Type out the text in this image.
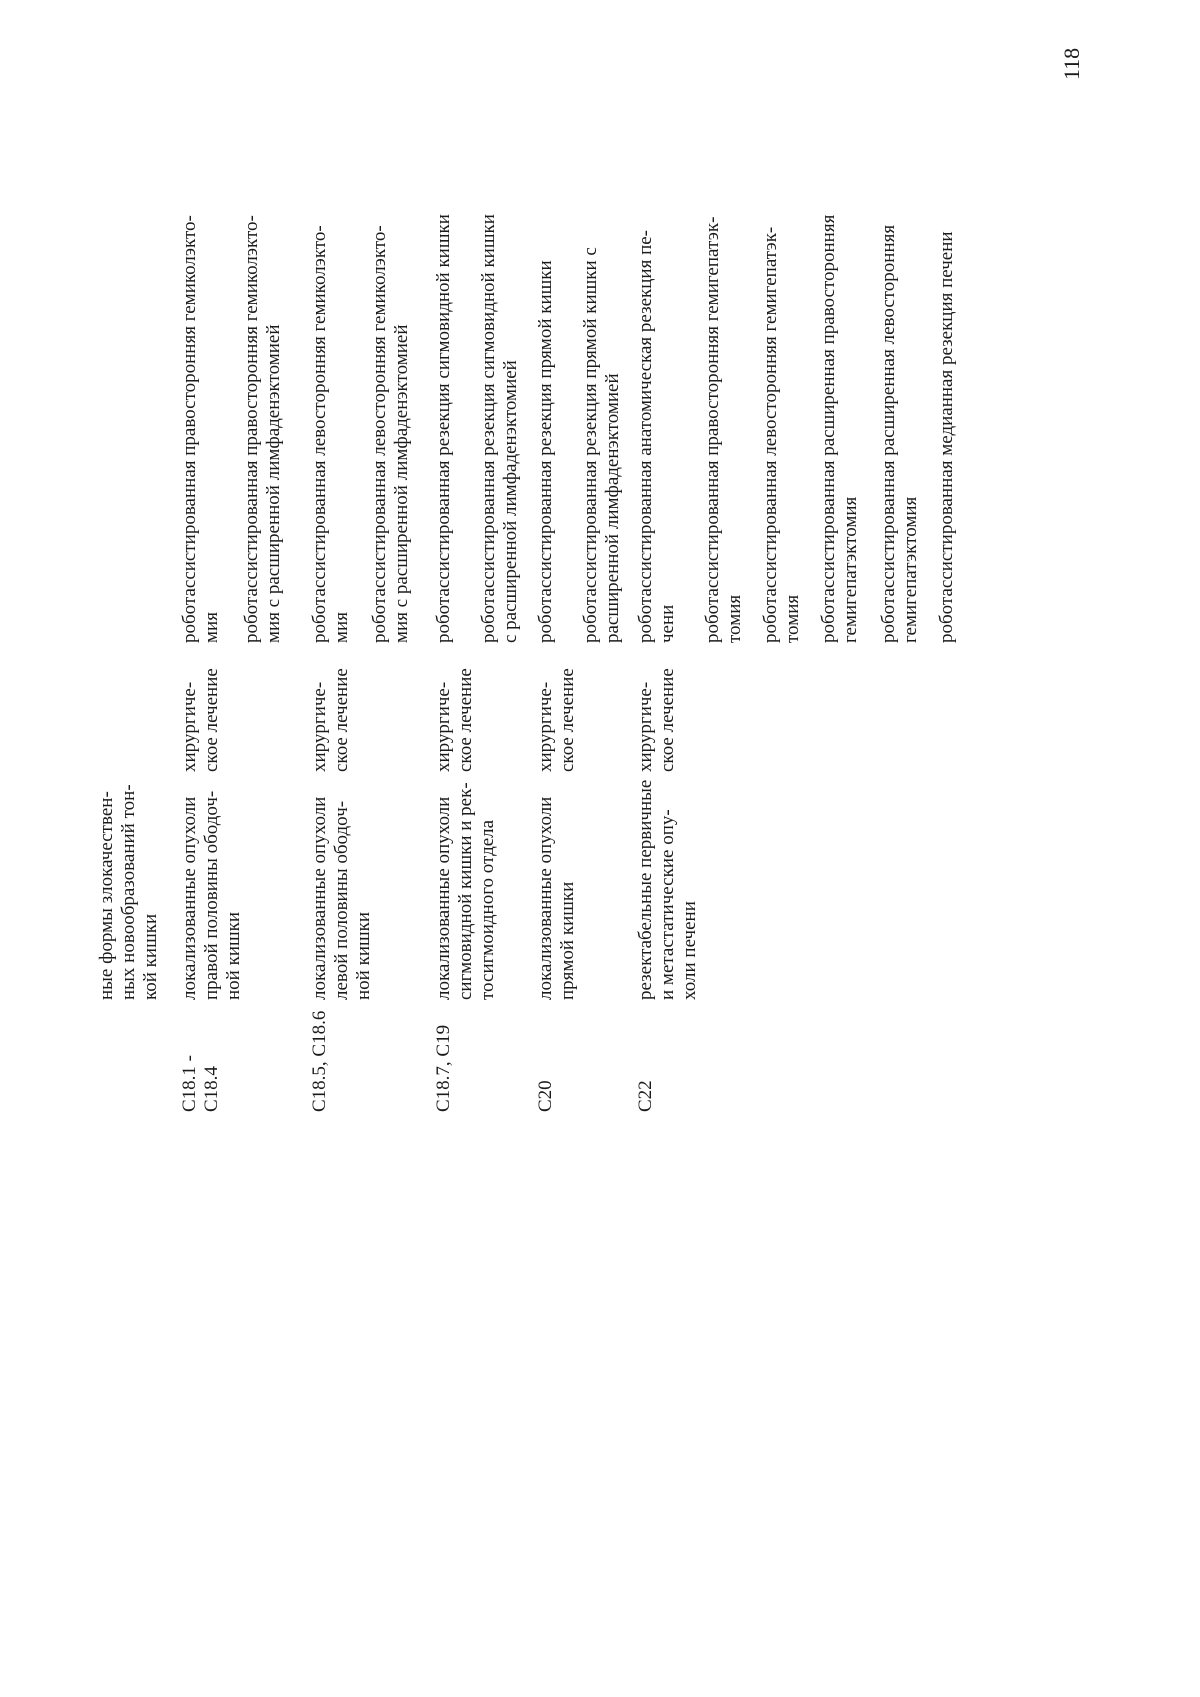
118
ные формы злокачествен- ных новообразований тон- кой кишки
C18.1 - C18.4
локализованные опухоли правой половины ободоч- ной кишки
хирургиче- ское лечение
роботассистированная правосторонняя гемиколэкто- мия роботассистированная правосторонняя гемиколэкто- мия с расширенной лимфаденэктомией
C18.5, C18.6
локализованные опухоли левой половины ободоч- ной кишки
хирургиче- ское лечение
роботассистированная левосторонняя гемиколэкто- мия роботассистированная левосторонняя гемиколэкто- мия с расширенной лимфаденэктомией
C18.7, C19
локализованные опухоли сигмовидной кишки и рек- тосигмоидного отдела
хирургиче- ское лечение
роботассистированная резекция сигмовидной кишки роботассистированная резекция сигмовидной кишки с расширенной лимфаденэктомией
C20
локализованные опухоли прямой кишки
хирургиче- ское лечение
роботассистированная резекция прямой кишки роботассистированная резекция прямой кишки с расширенной лимфаденэктомией
C22
резектабельные первичные и метастатические опу- холи печени
хирургиче- ское лечение
роботассистированная анатомическая резекция пе- чени роботассистированная правосторонняя гемигепатэк- томия роботассистированная левосторонняя гемигепатэк- томия роботассистированная расширенная правосторонняя гемигепатэктомия роботассистированная расширенная левосторонняя гемигепатэктомия роботассистированная медианная резекция печени
